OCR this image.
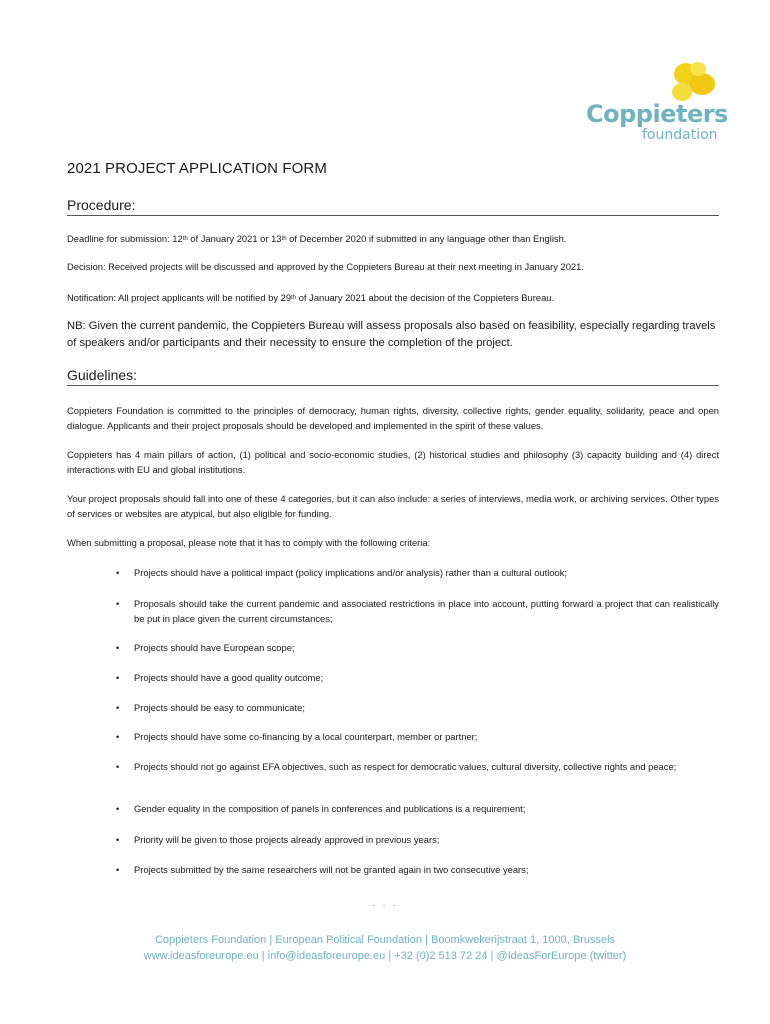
Coppieters
foundation
2021 PROJECT APPLICATION FORM
Procedure:
Deadline for submission: 12th of January 2021 or 13th of December 2020 if submitted in any language other than English.
Decision: Received projects will be discussed and approved by the Coppieters Bureau at their next meeting in January 2021.
Notification: All project applicants will be notified by 29th of January 2021 about the decision of the Coppieters Bureau.
NB: Given the current pandemic, the Coppieters Bureau will assess proposals also based on feasibility, especially regarding travels of speakers and/or participants and their necessity to ensure the completion of the project.
Guidelines:
Coppieters Foundation is committed to the principles of democracy, human rights, diversity, collective rights, gender equality, solidarity, peace and open dialogue. Applicants and their project proposals should be developed and implemented in the spirit of these values.
Coppieters has 4 main pillars of action, (1) political and socio-economic studies, (2) historical studies and philosophy (3) capacity building and (4) direct interactions with EU and global institutions.
Your project proposals should fall into one of these 4 categories, but it can also include: a series of interviews, media work, or archiving services. Other types of services or websites are atypical, but also eligible for funding.
When submitting a proposal, please note that it has to comply with the following criteria:
• Projects should have a political impact (policy implications and/or analysis) rather than a cultural outlook;
• Proposals should take the current pandemic and associated restrictions in place into account, putting forward a project that can realistically be put in place given the current circumstances;
• Projects should have European scope;
• Projects should have a good quality outcome;
• Projects should be easy to communicate;
• Projects should have some co-financing by a local counterpart, member or partner;
• Projects should not go against EFA objectives, such as respect for democratic values, cultural diversity, collective rights and peace;
• Gender equality in the composition of panels in conferences and publications is a requirement;
• Priority will be given to those projects already approved in previous years;
• Projects submitted by the same researchers will not be granted again in two consecutive years;
· · ·
Coppieters Foundation | European Political Foundation | Boomkwekerijstraat 1, 1000, Brussels
www.ideasforeurope.eu | info@ideasforeurope.eu | +32 (0)2 513 72 24 | @IdeasForEurope (twitter)
